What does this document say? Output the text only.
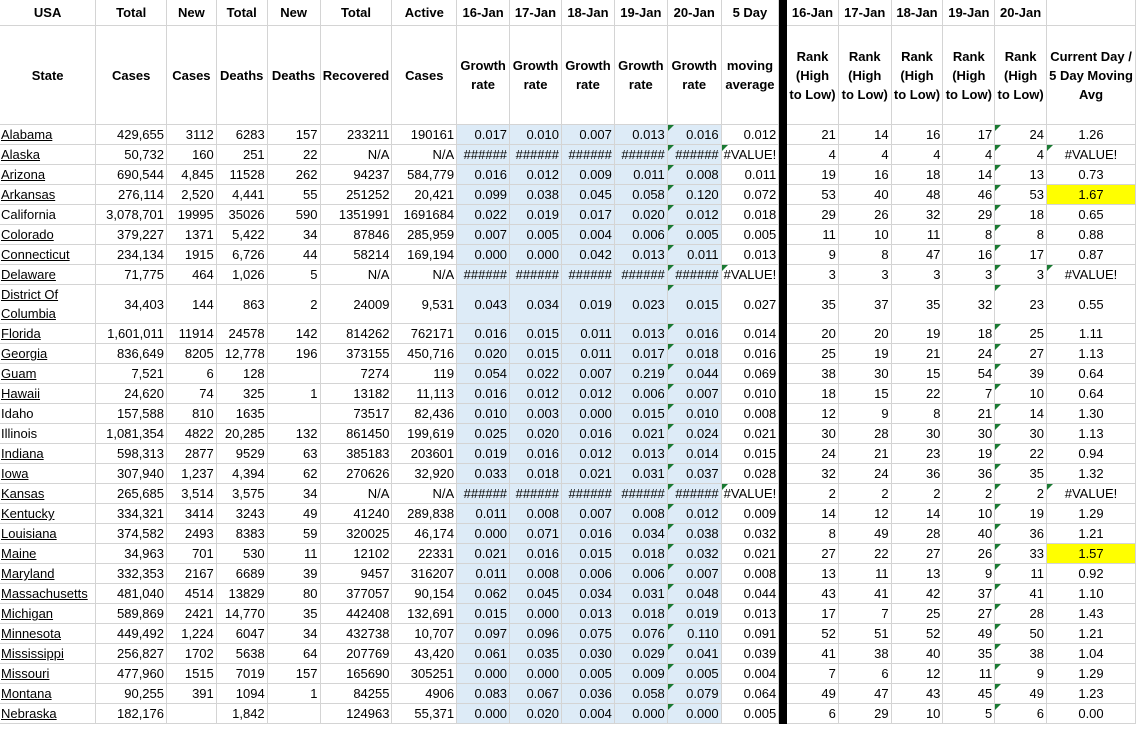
USA	Total	New	Total	New	Total	Active	16-Jan	17-Jan	18-Jan	19-Jan	20-Jan	5 Day		16-Jan	17-Jan	18-Jan	19-Jan	20-Jan	
State	Cases	Cases	Deaths	Deaths	Recovered	Cases	Growth rate	Growth rate	Growth rate	Growth rate	Growth rate	moving average		Rank (High to Low)	Rank (High to Low)	Rank (High to Low)	Rank (High to Low)	Rank (High to Low)	Current Day / 5 Day Moving Avg
Alabama	429,655	3112	6283	157	233211	190161	0.017	0.010	0.007	0.013	0.016	0.012		21	14	16	17	24	1.26
Alaska	50,732	160	251	22	N/A	N/A	######	######	######	######	######	#VALUE!		4	4	4	4	4	#VALUE!
Arizona	690,544	4,845	11528	262	94237	584,779	0.016	0.012	0.009	0.011	0.008	0.011		19	16	18	14	13	0.73
Arkansas	276,114	2,520	4,441	55	251252	20,421	0.099	0.038	0.045	0.058	0.120	0.072		53	40	48	46	53	1.67
California	3,078,701	19995	35026	590	1351991	1691684	0.022	0.019	0.017	0.020	0.012	0.018		29	26	32	29	18	0.65
Colorado	379,227	1371	5,422	34	87846	285,959	0.007	0.005	0.004	0.006	0.005	0.005		11	10	11	8	8	0.88
Connecticut	234,134	1915	6,726	44	58214	169,194	0.000	0.000	0.042	0.013	0.011	0.013		9	8	47	16	17	0.87
Delaware	71,775	464	1,026	5	N/A	N/A	######	######	######	######	######	#VALUE!		3	3	3	3	3	#VALUE!
District Of Columbia	34,403	144	863	2	24009	9,531	0.043	0.034	0.019	0.023	0.015	0.027		35	37	35	32	23	0.55
Florida	1,601,011	11914	24578	142	814262	762171	0.016	0.015	0.011	0.013	0.016	0.014		20	20	19	18	25	1.11
Georgia	836,649	8205	12,778	196	373155	450,716	0.020	0.015	0.011	0.017	0.018	0.016		25	19	21	24	27	1.13
Guam	7,521	6	128		7274	119	0.054	0.022	0.007	0.219	0.044	0.069		38	30	15	54	39	0.64
Hawaii	24,620	74	325	1	13182	11,113	0.016	0.012	0.012	0.006	0.007	0.010		18	15	22	7	10	0.64
Idaho	157,588	810	1635		73517	82,436	0.010	0.003	0.000	0.015	0.010	0.008		12	9	8	21	14	1.30
Illinois	1,081,354	4822	20,285	132	861450	199,619	0.025	0.020	0.016	0.021	0.024	0.021		30	28	30	30	30	1.13
Indiana	598,313	2877	9529	63	385183	203601	0.019	0.016	0.012	0.013	0.014	0.015		24	21	23	19	22	0.94
Iowa	307,940	1,237	4,394	62	270626	32,920	0.033	0.018	0.021	0.031	0.037	0.028		32	24	36	36	35	1.32
Kansas	265,685	3,514	3,575	34	N/A	N/A	######	######	######	######	######	#VALUE!		2	2	2	2	2	#VALUE!
Kentucky	334,321	3414	3243	49	41240	289,838	0.011	0.008	0.007	0.008	0.012	0.009		14	12	14	10	19	1.29
Louisiana	374,582	2493	8383	59	320025	46,174	0.000	0.071	0.016	0.034	0.038	0.032		8	49	28	40	36	1.21
Maine	34,963	701	530	11	12102	22331	0.021	0.016	0.015	0.018	0.032	0.021		27	22	27	26	33	1.57
Maryland	332,353	2167	6689	39	9457	316207	0.011	0.008	0.006	0.006	0.007	0.008		13	11	13	9	11	0.92
Massachusetts	481,040	4514	13829	80	377057	90,154	0.062	0.045	0.034	0.031	0.048	0.044		43	41	42	37	41	1.10
Michigan	589,869	2421	14,770	35	442408	132,691	0.015	0.000	0.013	0.018	0.019	0.013		17	7	25	27	28	1.43
Minnesota	449,492	1,224	6047	34	432738	10,707	0.097	0.096	0.075	0.076	0.110	0.091		52	51	52	49	50	1.21
Mississippi	256,827	1702	5638	64	207769	43,420	0.061	0.035	0.030	0.029	0.041	0.039		41	38	40	35	38	1.04
Missouri	477,960	1515	7019	157	165690	305251	0.000	0.000	0.005	0.009	0.005	0.004		7	6	12	11	9	1.29
Montana	90,255	391	1094	1	84255	4906	0.083	0.067	0.036	0.058	0.079	0.064		49	47	43	45	49	1.23
Nebraska	182,176		1,842		124963	55,371	0.000	0.020	0.004	0.000	0.000	0.005		6	29	10	5	6	0.00
